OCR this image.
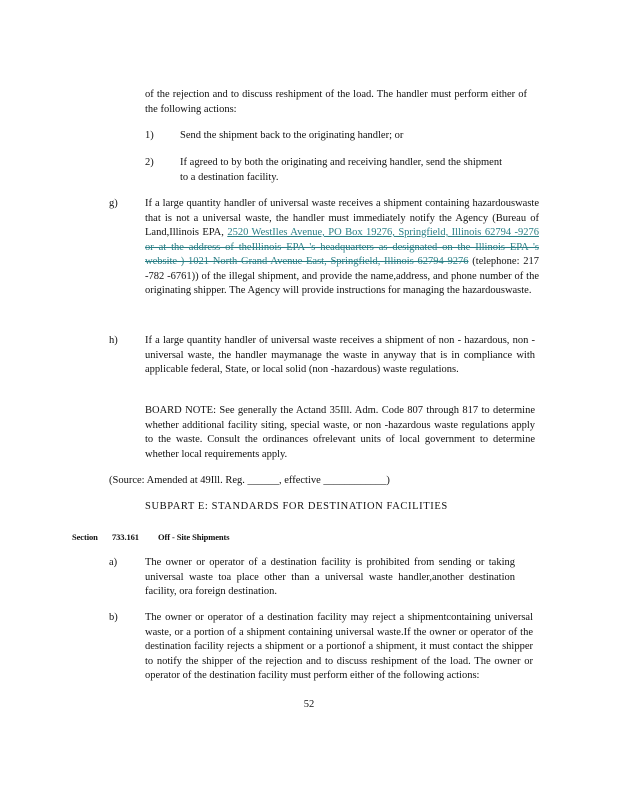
of the rejection and to discuss reshipment of the load. The handler must perform either of the following actions:
1)	Send the shipment back to the originating handler; or
2)	If agreed to by both the originating and receiving handler, send the shipment to a destination facility.
g)	If a large quantity handler of universal waste receives a shipment containing hazardouswaste that is not a universal waste, the handler must immediately notify the Agency (Bureau of Land,Illinois EPA, 2520 WestIles Avenue, PO Box 19276, Springfield, Illinois 62794 -9276 or at the address of theIllinois EPA 's headquarters as designated on the Illinois EPA 's website ) 1021 North Grand Avenue East, Springfield, Illinois 62794 9276 (telephone: 217 -782 -6761)) of the illegal shipment, and provide the name,address, and phone number of the originating shipper. The Agency will provide instructions for managing the hazardouswaste.
h)	If a large quantity handler of universal waste receives a shipment of non - hazardous, non -universal waste, the handler maymanage the waste in anyway that is in compliance with applicable federal, State, or local solid (non -hazardous) waste regulations.
BOARD NOTE: See generally the Actand 35Ill. Adm. Code 807 through 817 to determine whether additional facility siting, special waste, or non -hazardous waste regulations apply to the waste. Consult the ordinances ofrelevant units of local government to determine whether local requirements apply.
(Source: Amended at 49Ill. Reg. ______, effective ____________)
SUBPART E: STANDARDS FOR DESTINATION FACILITIES
Section 733.161 Off - Site Shipments
a)	The owner or operator of a destination facility is prohibited from sending or taking universal waste toa place other than a universal waste handler,another destination facility, ora foreign destination.
b)	The owner or operator of a destination facility may reject a shipmentcontaining universal waste, or a portion of a shipment containing universal waste.If the owner or operator of the destination facility rejects a shipment or a portionof a shipment, it must contact the shipper to notify the shipper of the rejection and to discuss reshipment of the load. The owner or operator of the destination facility must perform either of the following actions:
52
